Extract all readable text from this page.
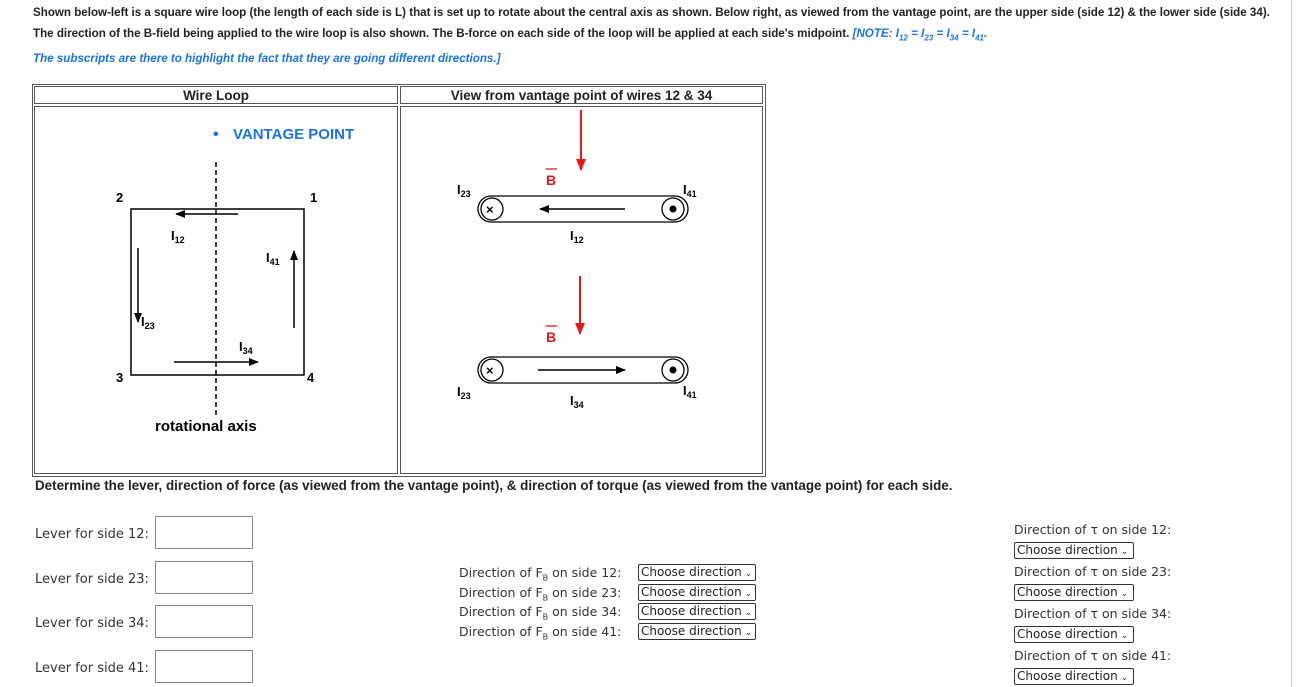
Shown below-left is a square wire loop (the length of each side is L) that is set up to rotate about the central axis as shown. Below right, as viewed from the vantage point, are the upper side (side 12) & the lower side (side 34). The direction of the B-field being applied to the wire loop is also shown. The B-force on each side of the loop will be applied at each side's midpoint. [NOTE: $I_{12} = I_{23} = I_{34} = I_{41}$.
The subscripts are there to highlight the fact that they are going different directions.]
Wire Loop	View from vantage point of wires 12 & 34
• VANTAGE POINT
1
2
3	4
$I_{12}$
$I_{23}$
$I_{34}$
$I_{41}$
rotational axis
B
×
$I_{23}$	$I_{41}$
$I_{12}$
B
×
$I_{23}$	$I_{41}$
$I_{34}$
Determine the lever, direction of force (as viewed from the vantage point), & direction of torque (as viewed from the vantage point) for each side.
Lever for side 12:
Lever for side 23:
Lever for side 34:
Lever for side 41:
Direction of $F_B$ on side 12: Choose direction ⌄
Direction of $F_B$ on side 23: Choose direction ⌄
Direction of $F_B$ on side 34: Choose direction ⌄
Direction of $F_B$ on side 41: Choose direction ⌄
Direction of τ on side 12:
Choose direction ⌄
Direction of τ on side 23:
Choose direction ⌄
Direction of τ on side 34:
Choose direction ⌄
Direction of τ on side 41:
Choose direction ⌄
